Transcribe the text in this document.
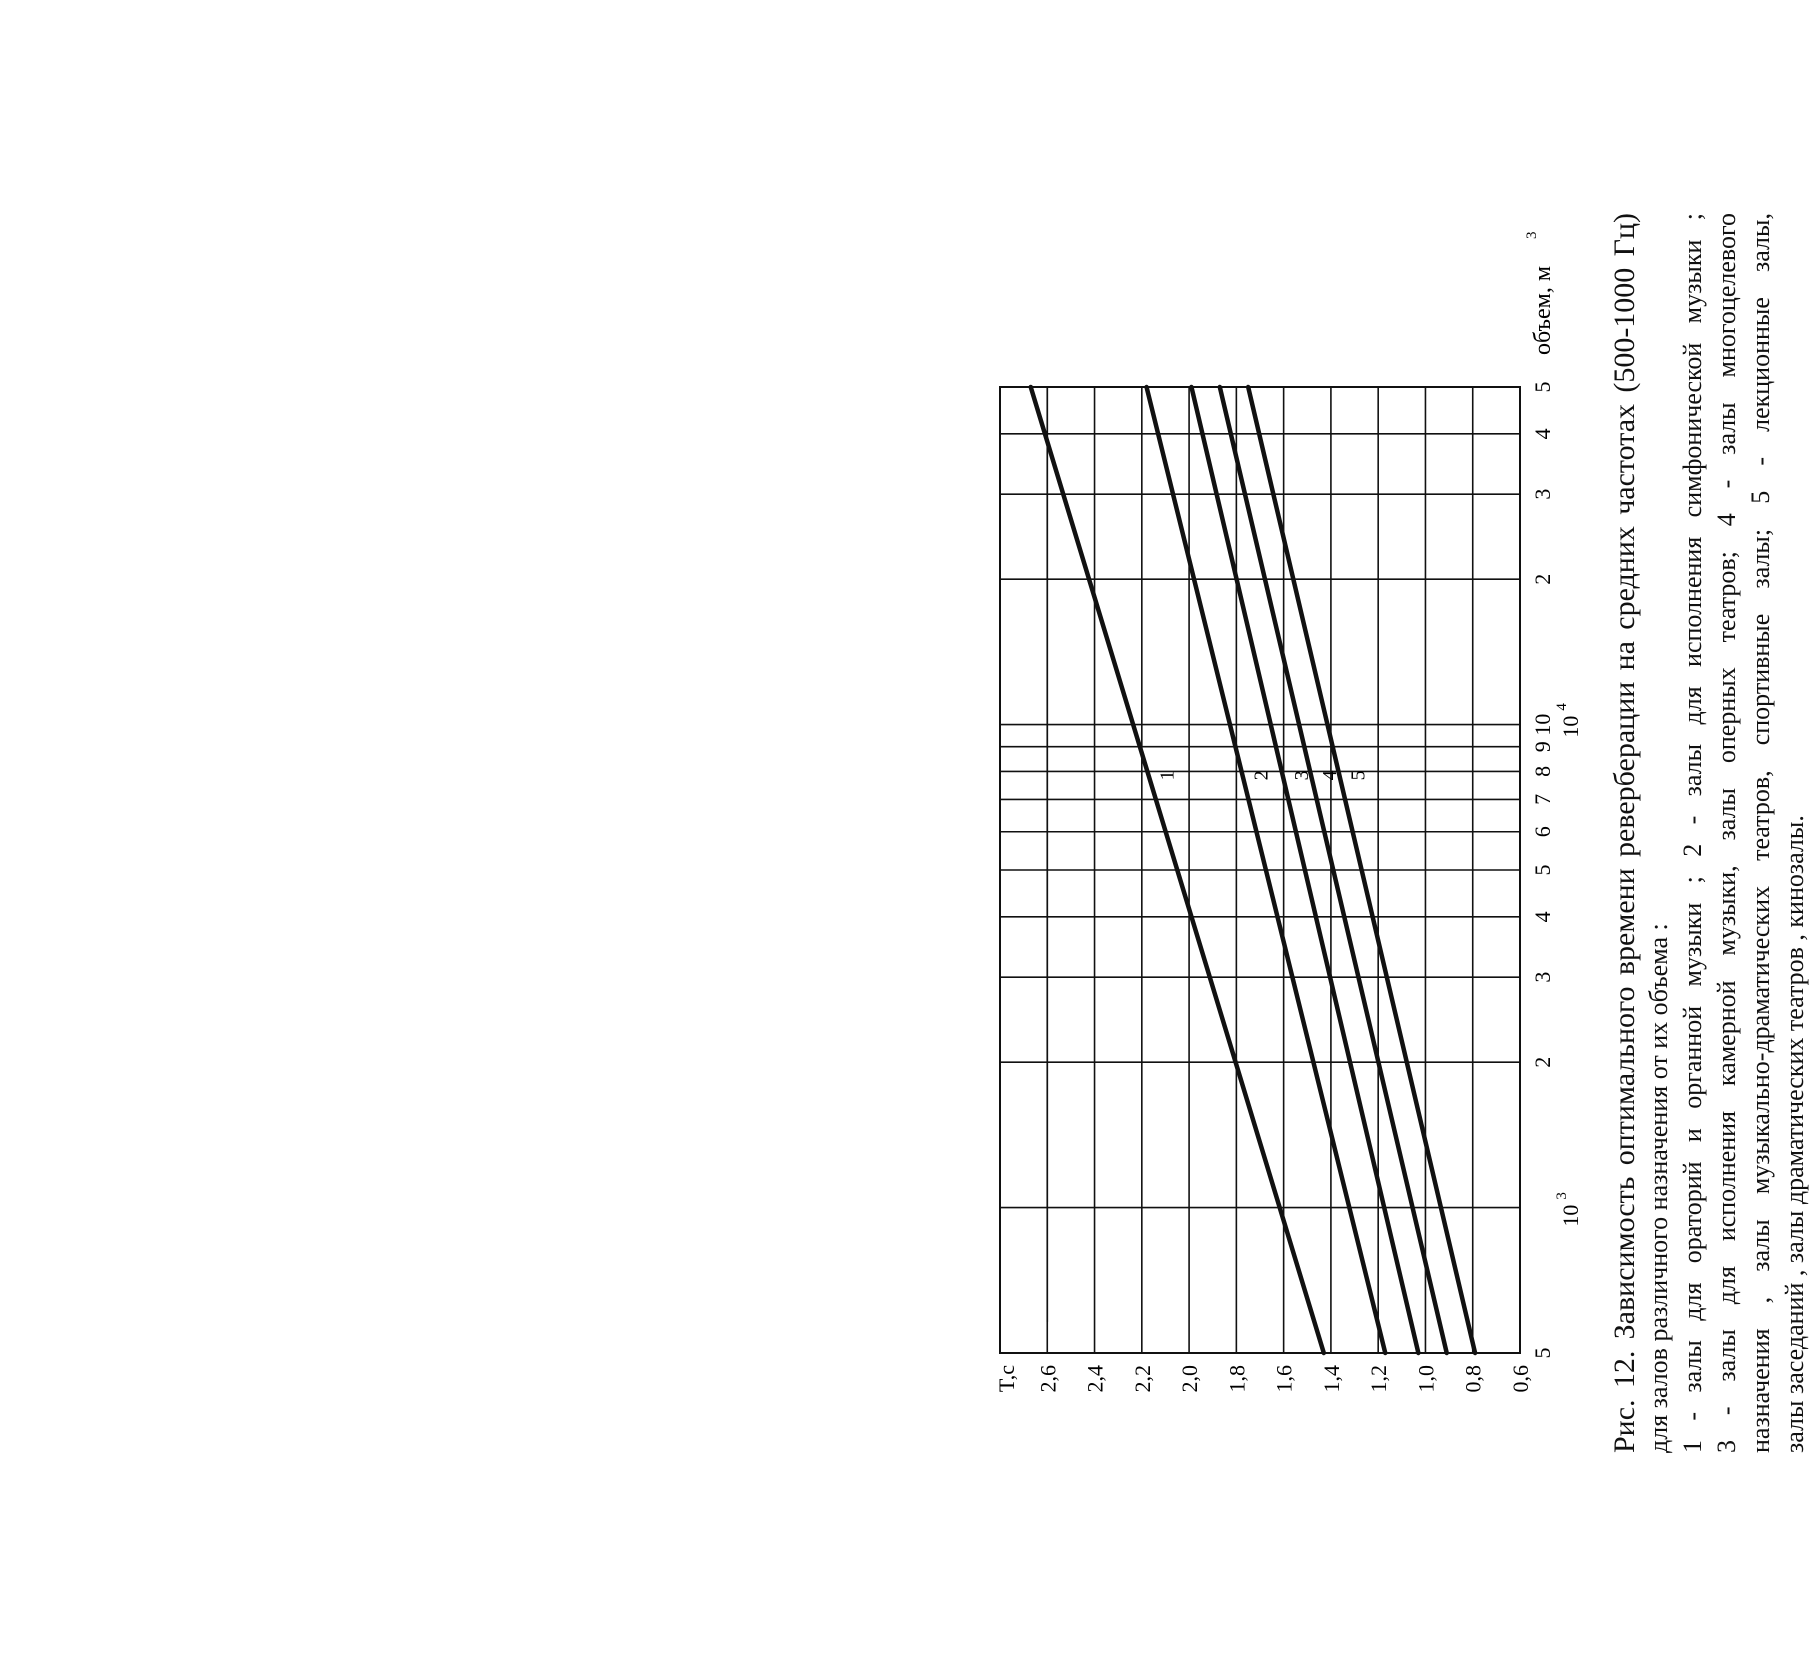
0,6
0,8
1,0
1,2
1,4
1,6
1,8
2,0
2,2
2,4
2,6
T,c
5
2
3
4
5
6
7
8
9
10
2
3
4
5
10
3
10
4
объем, м
3
1	2 3 4 5	Рис. 12. Зависимость оптимального времени реверберации на средних частотах (500-1000 Гц) для залов различного назначения от их объема : 1 - залы для ораторий и органной музыки ; 2 - залы для исполнения симфонической музыки ; 3 - залы для исполнения камерной музыки, залы оперных театров; 4 - залы многоцелевого назначения , залы музыкально-драматических театров, спортивные залы; 5 - лекционные залы, залы заседаний , залы драматических театров , кинозалы.
